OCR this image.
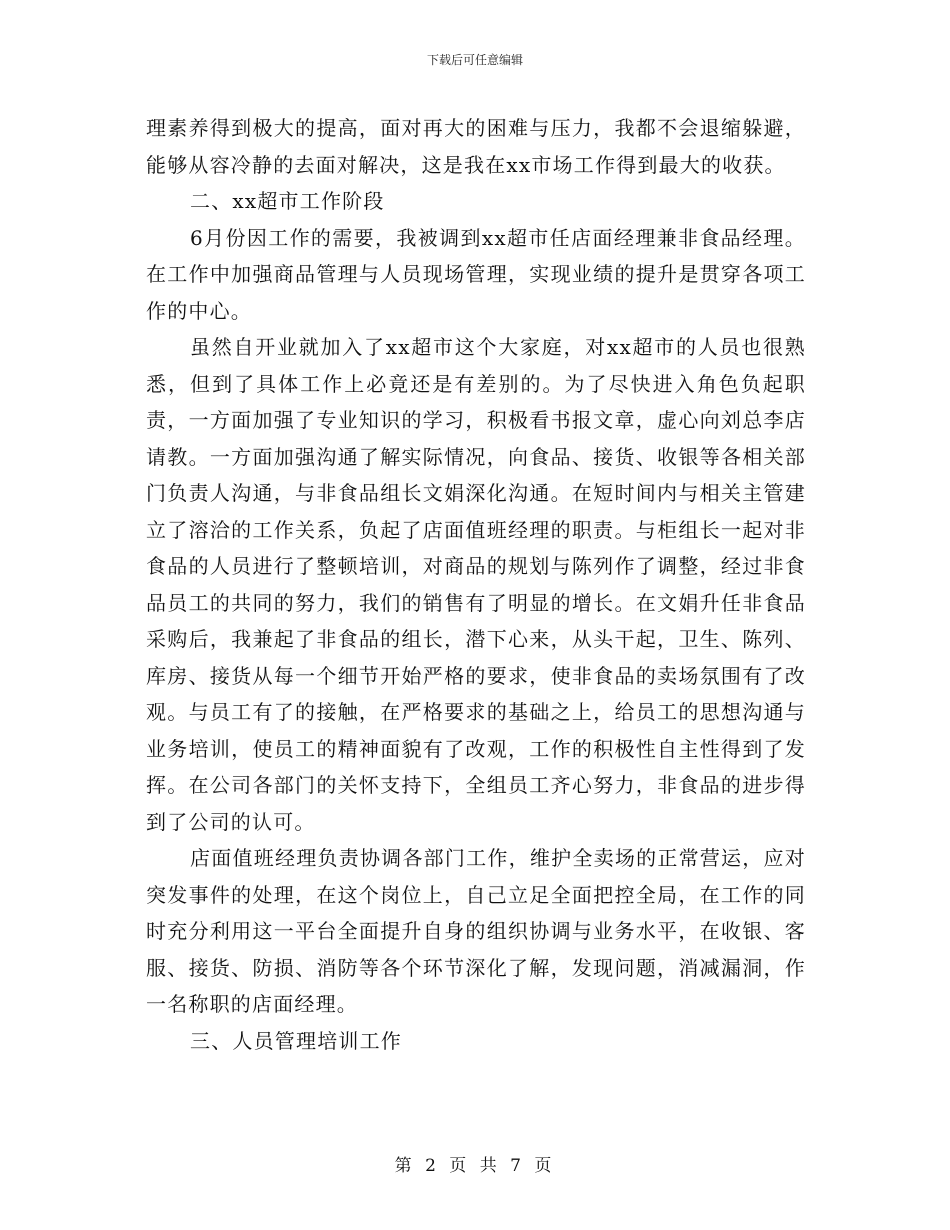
下载后可任意编辑

理素养得到极大的提高，面对再大的困难与压力，我都不会退缩躲避，能够从容冷静的去面对解决，这是我在xx市场工作得到最大的收获。

二、xx超市工作阶段

6月份因工作的需要，我被调到xx超市任店面经理兼非食品经理。在工作中加强商品管理与人员现场管理，实现业绩的提升是贯穿各项工作的中心。

虽然自开业就加入了xx超市这个大家庭，对xx超市的人员也很熟悉，但到了具体工作上必竟还是有差别的。为了尽快进入角色负起职责，一方面加强了专业知识的学习，积极看书报文章，虚心向刘总李店请教。一方面加强沟通了解实际情况，向食品、接货、收银等各相关部门负责人沟通，与非食品组长文娟深化沟通。在短时间内与相关主管建立了溶洽的工作关系，负起了店面值班经理的职责。与柜组长一起对非食品的人员进行了整顿培训，对商品的规划与陈列作了调整，经过非食品员工的共同的努力，我们的销售有了明显的增长。在文娟升任非食品采购后，我兼起了非食品的组长，潜下心来，从头干起，卫生、陈列、库房、接货从每一个细节开始严格的要求，使非食品的卖场氛围有了改观。与员工有了的接触，在严格要求的基础之上，给员工的思想沟通与业务培训，使员工的精神面貌有了改观，工作的积极性自主性得到了发挥。在公司各部门的关怀支持下，全组员工齐心努力，非食品的进步得到了公司的认可。

店面值班经理负责协调各部门工作，维护全卖场的正常营运，应对突发事件的处理，在这个岗位上，自己立足全面把控全局，在工作的同时充分利用这一平台全面提升自身的组织协调与业务水平，在收银、客服、接货、防损、消防等各个环节深化了解，发现问题，消减漏洞，作一名称职的店面经理。

三、人员管理培训工作

第 2 页 共 7 页
